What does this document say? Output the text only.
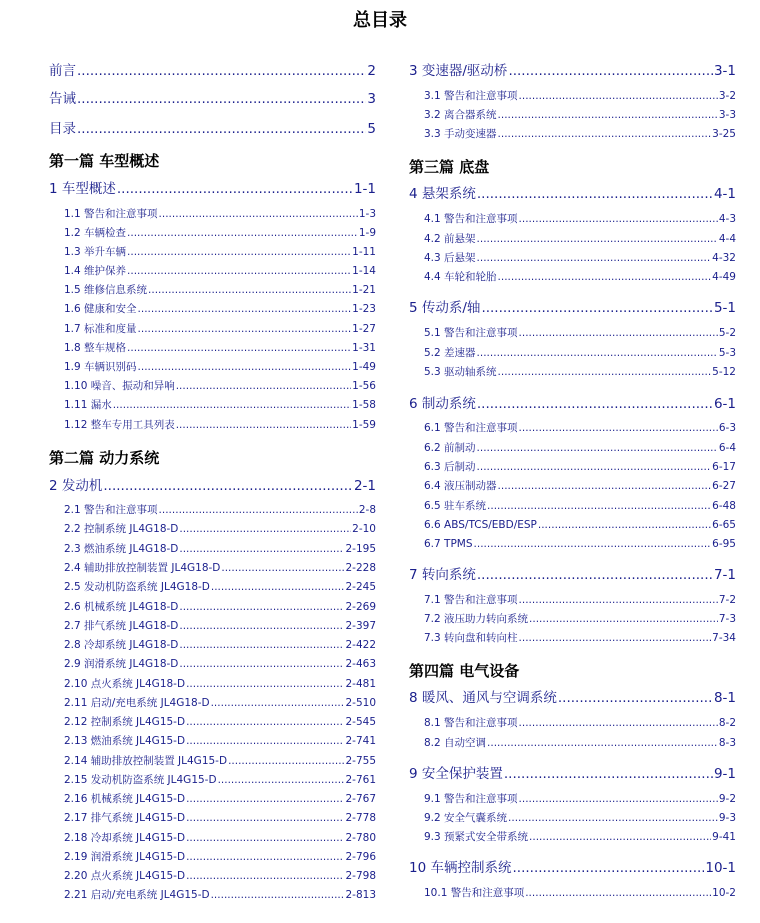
总目录
前言 .....	2
告诫 .....	3
目录 .....	5
第一篇 车型概述
1 车型概述 .....	1-1
1.1 警告和注意事项 .....	1-3
1.2 车辆检查 .....	1-9
1.3 举升车辆 .....	1-11
1.4 维护保养 .....	1-14
1.5 维修信息系统 .....	1-21
1.6 健康和安全 .....	1-23
1.7 标准和度量 .....	1-27
1.8 整车规格 .....	1-31
1.9 车辆识别码 .....	1-49
1.10 噪音、振动和异响 .....	1-56
1.11 漏水 .....	1-58
1.12 整车专用工具列表 .....	1-59
第二篇 动力系统
2 发动机 .....	2-1
2.1 警告和注意事项 .....	2-8
2.2 控制系统 JL4G18-D .....	2-10
2.3 燃油系统 JL4G18-D .....	2-195
2.4 辅助排放控制装置 JL4G18-D .....	2-228
2.5 发动机防盗系统 JL4G18-D .....	2-245
2.6 机械系统 JL4G18-D .....	2-269
2.7 排气系统 JL4G18-D .....	2-397
2.8 冷却系统 JL4G18-D .....	2-422
2.9 润滑系统 JL4G18-D .....	2-463
2.10 点火系统 JL4G18-D .....	2-481
2.11 启动/充电系统 JL4G18-D .....	2-510
2.12 控制系统 JL4G15-D .....	2-545
2.13 燃油系统 JL4G15-D .....	2-741
2.14 辅助排放控制装置 JL4G15-D .....	2-755
2.15 发动机防盗系统 JL4G15-D .....	2-761
2.16 机械系统 JL4G15-D .....	2-767
2.17 排气系统 JL4G15-D .....	2-778
2.18 冷却系统 JL4G15-D .....	2-780
2.19 润滑系统 JL4G15-D .....	2-796
2.20 点火系统 JL4G15-D .....	2-798
2.21 启动/充电系统 JL4G15-D .....	2-813
3 变速器/驱动桥 .....	3-1
3.1 警告和注意事项 .....	3-2
3.2 离合器系统 .....	3-3
3.3 手动变速器 .....	3-25
第三篇 底盘
4 悬架系统 .....	4-1
4.1 警告和注意事项 .....	4-3
4.2 前悬架 .....	4-4
4.3 后悬架 .....	4-32
4.4 车轮和轮胎 .....	4-49
5 传动系/轴 .....	5-1
5.1 警告和注意事项 .....	5-2
5.2 差速器 .....	5-3
5.3 驱动轴系统 .....	5-12
6 制动系统 .....	6-1
6.1 警告和注意事项 .....	6-3
6.2 前制动 .....	6-4
6.3 后制动 .....	6-17
6.4 液压制动器 .....	6-27
6.5 驻车系统 .....	6-48
6.6 ABS/TCS/EBD/ESP .....	6-65
6.7 TPMS .....	6-95
7 转向系统 .....	7-1
7.1 警告和注意事项 .....	7-2
7.2 液压助力转向系统 .....	7-3
7.3 转向盘和转向柱 .....	7-34
第四篇 电气设备
8 暖风、通风与空调系统 .....	8-1
8.1 警告和注意事项 .....	8-2
8.2 自动空调 .....	8-3
9 安全保护装置 .....	9-1
9.1 警告和注意事项 .....	9-2
9.2 安全气囊系统 .....	9-3
9.3 预紧式安全带系统 .....	9-41
10 车辆控制系统 .....	10-1
10.1 警告和注意事项 .....	10-2
